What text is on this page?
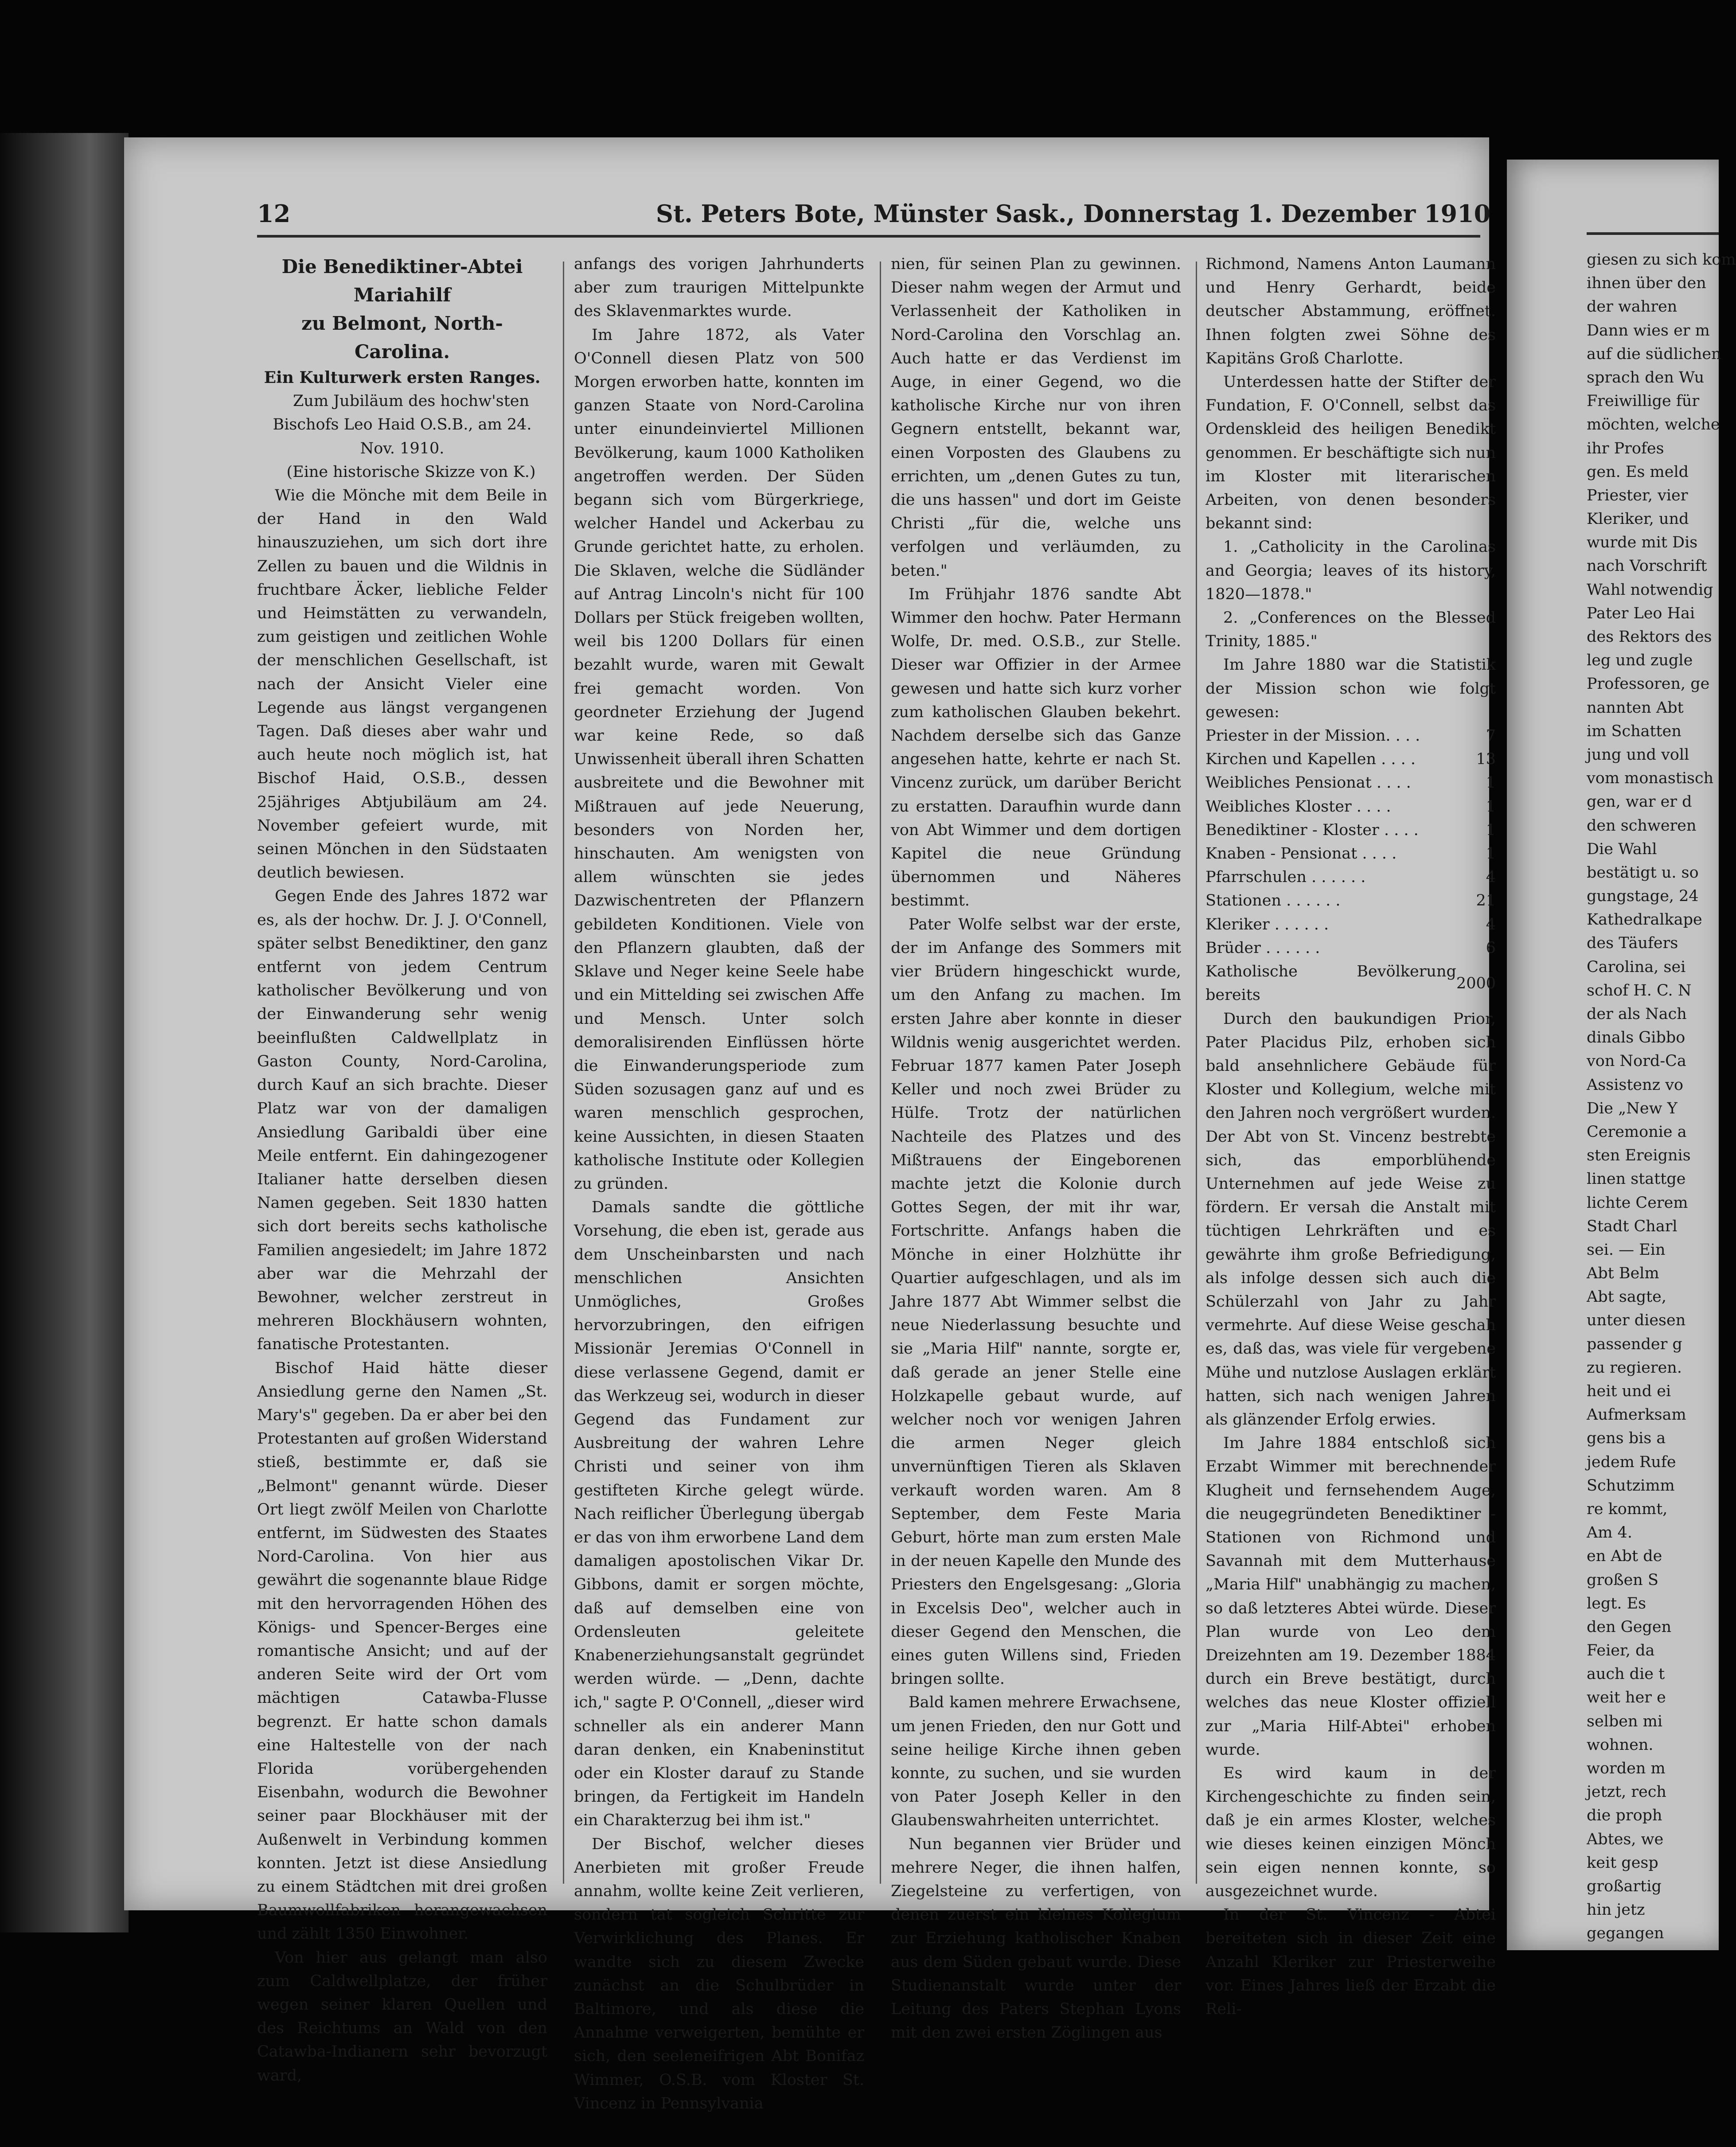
12	St. Peters Bote, Münster Sask., Donnerstag 1. Dezember 1910

Die Benediktiner-Abtei Mariahilf

zu Belmont, North-Carolina.

Ein Kulturwerk ersten Ranges.

Zum Jubiläum des hochw'sten Bischofs Leo Haid O.S.B., am 24. Nov. 1910.

(Eine historische Skizze von K.)

Wie die Mönche mit dem Beile in der Hand in den Wald hinauszuziehen, um sich dort ihre Zellen zu bauen und die Wildnis in fruchtbare Äcker, liebliche Felder und Heimstätten zu verwandeln, zum geistigen und zeitlichen Wohle der menschlichen Gesellschaft, ist nach der Ansicht Vieler eine Legende aus längst vergangenen Tagen. Daß dieses aber wahr und auch heute noch möglich ist, hat Bischof Haid, O.S.B., dessen 25jähriges Abtjubiläum am 24. November gefeiert wurde, mit seinen Mönchen in den Südstaaten deutlich bewiesen.

Gegen Ende des Jahres 1872 war es, als der hochw. Dr. J. J. O'Connell, später selbst Benediktiner, den ganz entfernt von jedem Centrum katholischer Bevölkerung und von der Einwanderung sehr wenig beeinflußten Caldwellplatz in Gaston County, Nord-Carolina, durch Kauf an sich brachte. Dieser Platz war von der damaligen Ansiedlung Garibaldi über eine Meile entfernt. Ein dahingezogener Italianer hatte derselben diesen Namen gegeben. Seit 1830 hatten sich dort bereits sechs katholische Familien angesiedelt; im Jahre 1872 aber war die Mehrzahl der Bewohner, welcher zerstreut in mehreren Blockhäusern wohnten, fanatische Protestanten.

Bischof Haid hätte dieser Ansiedlung gerne den Namen „St. Mary's" gegeben. Da er aber bei den Protestanten auf großen Widerstand stieß, bestimmte er, daß sie „Belmont" genannt würde. Dieser Ort liegt zwölf Meilen von Charlotte entfernt, im Südwesten des Staates Nord-Carolina. Von hier aus gewährt die sogenannte blaue Ridge mit den hervorragenden Höhen des Königs- und Spencer-Berges eine romantische Ansicht; und auf der anderen Seite wird der Ort vom mächtigen Catawba-Flusse begrenzt. Er hatte schon damals eine Haltestelle von der nach Florida vorübergehenden Eisenbahn, wodurch die Bewohner seiner paar Blockhäuser mit der Außenwelt in Verbindung kommen konnten. Jetzt ist diese Ansiedlung zu einem Städtchen mit drei großen Baumwollfabriken herangewachsen und zählt 1350 Einwohner.

Von hier aus gelangt man also zum Caldwellplatze, der früher wegen seiner klaren Quellen und des Reichtums an Wald von den Catawba-Indianern sehr bevorzugt ward,

anfangs des vorigen Jahrhunderts aber zum traurigen Mittelpunkte des Sklavenmarktes wurde.

Im Jahre 1872, als Vater O'Connell diesen Platz von 500 Morgen erworben hatte, konnten im ganzen Staate von Nord-Carolina unter einundeinviertel Millionen Bevölkerung, kaum 1000 Katholiken angetroffen werden. Der Süden begann sich vom Bürgerkriege, welcher Handel und Ackerbau zu Grunde gerichtet hatte, zu erholen. Die Sklaven, welche die Südländer auf Antrag Lincoln's nicht für 100 Dollars per Stück freigeben wollten, weil bis 1200 Dollars für einen bezahlt wurde, waren mit Gewalt frei gemacht worden. Von geordneter Erziehung der Jugend war keine Rede, so daß Unwissenheit überall ihren Schatten ausbreitete und die Bewohner mit Mißtrauen auf jede Neuerung, besonders von Norden her, hinschauten. Am wenigsten von allem wünschten sie jedes Dazwischentreten der Pflanzern gebildeten Konditionen. Viele von den Pflanzern glaubten, daß der Sklave und Neger keine Seele habe und ein Mittelding sei zwischen Affe und Mensch. Unter solch demoralisirenden Einflüssen hörte die Einwanderungsperiode zum Süden sozusagen ganz auf und es waren menschlich gesprochen, keine Aussichten, in diesen Staaten katholische Institute oder Kollegien zu gründen.

Damals sandte die göttliche Vorsehung, die eben ist, gerade aus dem Unscheinbarsten und nach menschlichen Ansichten Unmögliches, Großes hervorzubringen, den eifrigen Missionär Jeremias O'Connell in diese verlassene Gegend, damit er das Werkzeug sei, wodurch in dieser Gegend das Fundament zur Ausbreitung der wahren Lehre Christi und seiner von ihm gestifteten Kirche gelegt würde. Nach reiflicher Überlegung übergab er das von ihm erworbene Land dem damaligen apostolischen Vikar Dr. Gibbons, damit er sorgen möchte, daß auf demselben eine von Ordensleuten geleitete Knabenerziehungsanstalt gegründet werden würde. — „Denn, dachte ich," sagte P. O'Connell, „dieser wird schneller als ein anderer Mann daran denken, ein Knabeninstitut oder ein Kloster darauf zu Stande bringen, da Fertigkeit im Handeln ein Charakterzug bei ihm ist."

Der Bischof, welcher dieses Anerbieten mit großer Freude annahm, wollte keine Zeit verlieren, sondern tat sogleich Schritte zur Verwirklichung des Planes. Er wandte sich zu diesem Zwecke zunächst an die Schulbrüder in Baltimore, und als diese die Annahme verweigerten, bemühte er sich, den seeleneifrigen Abt Bonifaz Wimmer, O.S.B. vom Kloster St. Vincenz in Pennsylvania

nien, für seinen Plan zu gewinnen. Dieser nahm wegen der Armut und Verlassenheit der Katholiken in Nord-Carolina den Vorschlag an. Auch hatte er das Verdienst im Auge, in einer Gegend, wo die katholische Kirche nur von ihren Gegnern entstellt, bekannt war, einen Vorposten des Glaubens zu errichten, um „denen Gutes zu tun, die uns hassen" und dort im Geiste Christi „für die, welche uns verfolgen und verläumden, zu beten."

Im Frühjahr 1876 sandte Abt Wimmer den hochw. Pater Hermann Wolfe, Dr. med. O.S.B., zur Stelle. Dieser war Offizier in der Armee gewesen und hatte sich kurz vorher zum katholischen Glauben bekehrt. Nachdem derselbe sich das Ganze angesehen hatte, kehrte er nach St. Vincenz zurück, um darüber Bericht zu erstatten. Daraufhin wurde dann von Abt Wimmer und dem dortigen Kapitel die neue Gründung übernommen und Näheres bestimmt.

Pater Wolfe selbst war der erste, der im Anfange des Sommers mit vier Brüdern hingeschickt wurde, um den Anfang zu machen. Im ersten Jahre aber konnte in dieser Wildnis wenig ausgerichtet werden. Februar 1877 kamen Pater Joseph Keller und noch zwei Brüder zu Hülfe. Trotz der natürlichen Nachteile des Platzes und des Mißtrauens der Eingeborenen machte jetzt die Kolonie durch Gottes Segen, der mit ihr war, Fortschritte. Anfangs haben die Mönche in einer Holzhütte ihr Quartier aufgeschlagen, und als im Jahre 1877 Abt Wimmer selbst die neue Niederlassung besuchte und sie „Maria Hilf" nannte, sorgte er, daß gerade an jener Stelle eine Holzkapelle gebaut wurde, auf welcher noch vor wenigen Jahren die armen Neger gleich unvernünftigen Tieren als Sklaven verkauft worden waren. Am 8 September, dem Feste Maria Geburt, hörte man zum ersten Male in der neuen Kapelle den Munde des Priesters den Engelsgesang: „Gloria in Excelsis Deo", welcher auch in dieser Gegend den Menschen, die eines guten Willens sind, Frieden bringen sollte.

Bald kamen mehrere Erwachsene, um jenen Frieden, den nur Gott und seine heilige Kirche ihnen geben konnte, zu suchen, und sie wurden von Pater Joseph Keller in den Glaubenswahrheiten unterrichtet.

Nun begannen vier Brüder und mehrere Neger, die ihnen halfen, Ziegelsteine zu verfertigen, von denen zuerst ein kleines Kollegium zur Erziehung katholischer Knaben aus dem Süden gebaut wurde. Diese Studienanstalt wurde unter der Leitung des Paters Stephan Lyons mit den zwei ersten Zöglingen aus

Richmond, Namens Anton Laumann und Henry Gerhardt, beide deutscher Abstammung, eröffnet. Ihnen folgten zwei Söhne des Kapitäns Groß Charlotte.

Unterdessen hatte der Stifter der Fundation, F. O'Connell, selbst das Ordenskleid des heiligen Benedikt genommen. Er beschäftigte sich nun im Kloster mit literarischen Arbeiten, von denen besonders bekannt sind:

1. „Catholicity in the Carolinas and Georgia; leaves of its history, 1820—1878."

2. „Conferences on the Blessed Trinity, 1885."

Im Jahre 1880 war die Statistik der Mission schon wie folgt gewesen:

Priester in der Mission. . . .	7
Kirchen und Kapellen . . . .	13
Weibliches Pensionat . . . .	1
Weibliches Kloster . . . .	1
Benediktiner - Kloster . . . .	1
Knaben - Pensionat . . . .	1
Pfarrschulen . . . . . .	4
Stationen . . . . . .	21
Kleriker . . . . . .	4
Brüder . . . . . .	6
Katholische Bevölkerung bereits	2000

Durch den baukundigen Prior, Pater Placidus Pilz, erhoben sich bald ansehnlichere Gebäude für Kloster und Kollegium, welche mit den Jahren noch vergrößert wurden. Der Abt von St. Vincenz bestrebte sich, das emporblühende Unternehmen auf jede Weise zu fördern. Er versah die Anstalt mit tüchtigen Lehrkräften und es gewährte ihm große Befriedigung, als infolge dessen sich auch die Schülerzahl von Jahr zu Jahr vermehrte. Auf diese Weise geschah es, daß das, was viele für vergebene Mühe und nutzlose Auslagen erklärt hatten, sich nach wenigen Jahren als glänzender Erfolg erwies.

Im Jahre 1884 entschloß sich Erzabt Wimmer mit berechnender Klugheit und fernsehendem Auge, die neugegründeten Benediktiner - Stationen von Richmond und Savannah mit dem Mutterhause „Maria Hilf" unabhängig zu machen, so daß letzteres Abtei würde. Dieser Plan wurde von Leo dem Dreizehnten am 19. Dezember 1884 durch ein Breve bestätigt, durch welches das neue Kloster offiziell zur „Maria Hilf-Abtei" erhoben wurde.

Es wird kaum in der Kirchengeschichte zu finden sein, daß je ein armes Kloster, welches wie dieses keinen einzigen Mönch sein eigen nennen konnte, so ausgezeichnet wurde.

In der St. Vincenz - Abtei bereiteten sich in dieser Zeit eine Anzahl Kleriker zur Priesterweihe vor. Eines Jahres ließ der Erzabt die Reli-

giesen zu sich kom
ihnen über den
der wahren
Dann wies er m
auf die südlichen
sprach den Wu
Freiwillige für
möchten, welche
ihr Profes
gen. Es meld
Priester, vier
Kleriker, und
wurde mit Dis
nach Vorschrift
Wahl notwendig
Pater Leo Hai
des Rektors des
leg und zugle
Professoren, ge
nannten Abt
im Schatten
jung und voll
vom monastisch
gen, war er d
den schweren
Die Wahl
bestätigt u. so
gungstage, 24
Kathedralkape
des Täufers
Carolina, sei
schof H. C. N
der als Nach
dinals Gibbo
von Nord-Ca
Assistenz vo
Die „New Y
Ceremonie a
sten Ereignis
linen stattge
lichte Cerem
Stadt Charl
sei. — Ein
Abt Belm
Abt sagte,
unter diesen
passender g
zu regieren.
heit und ei
Aufmerksam
gens bis a
jedem Rufe
Schutzimm
re kommt,
Am 4.
en Abt de
großen S
legt. Es
den Gegen
Feier, da
auch die t
weit her e
selben mi
wohnen.
worden m
jetzt, rech
die proph
Abtes, we
keit gesp
großartig
hin jetz
gegangen
